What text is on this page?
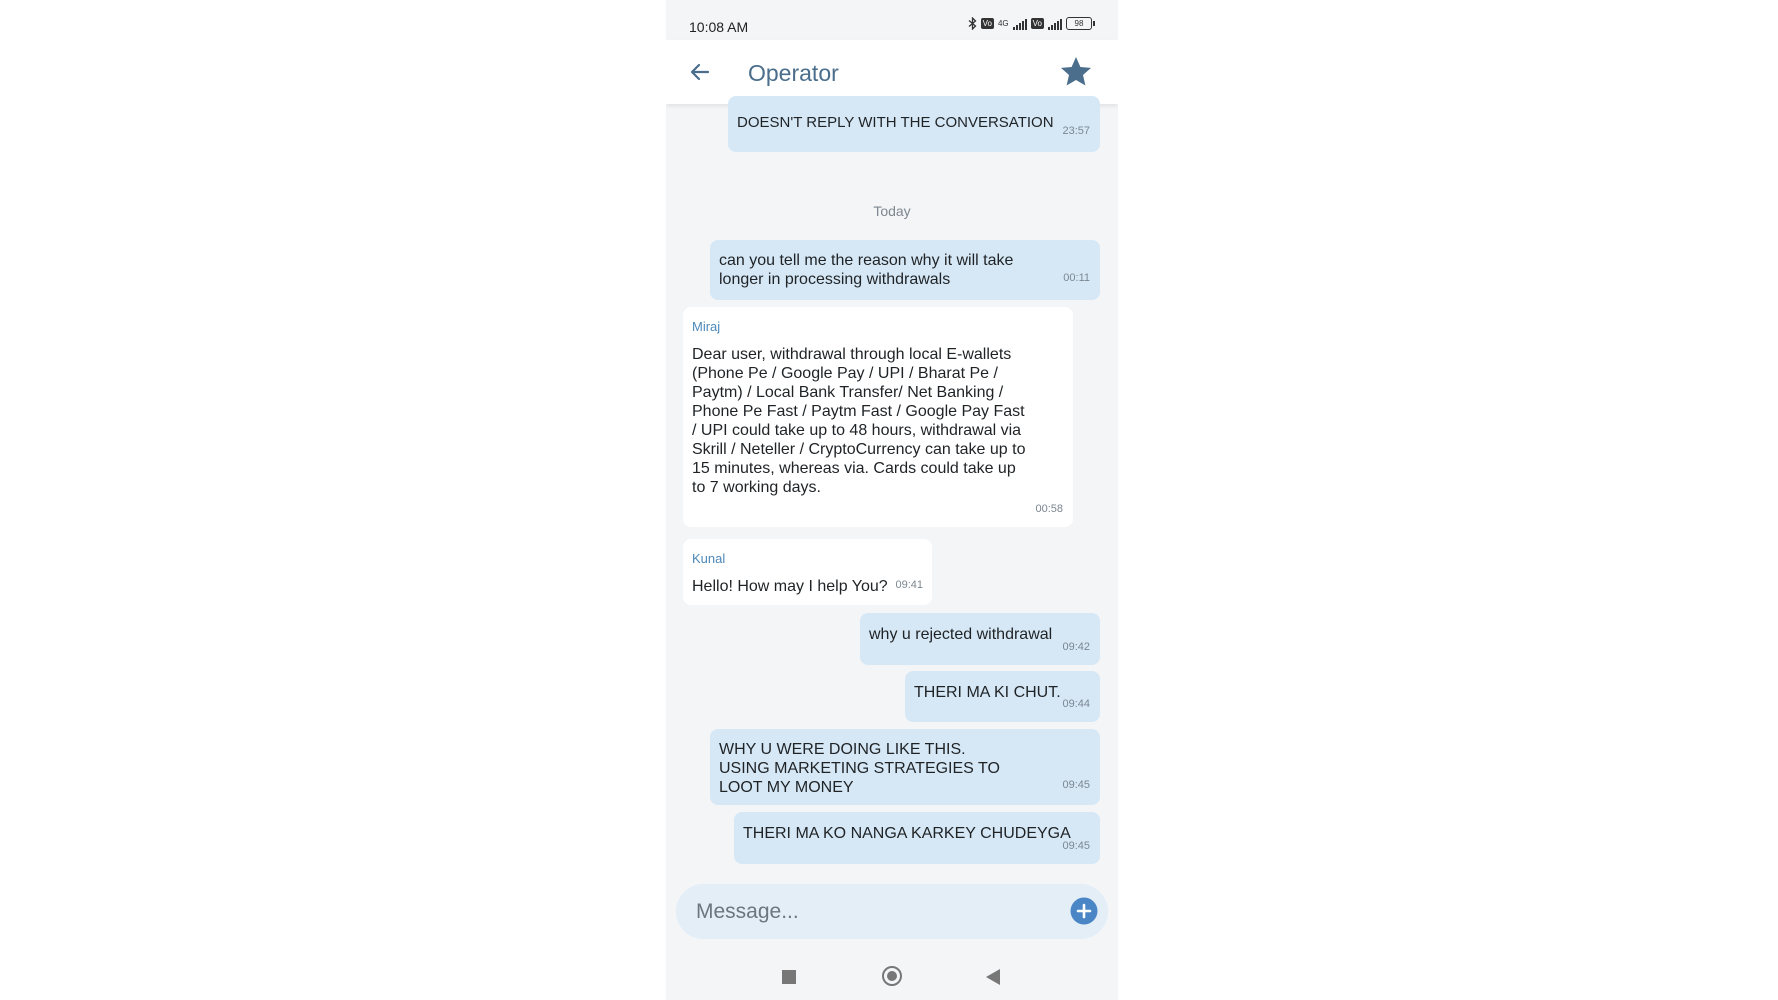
10:08 AM	Vo 4G	Vo	98
Operator
DOESN'T REPLY WITH THE CONVERSATION 23:57
Today
can you tell me the reason why it will take longer in processing withdrawals	00:11
Miraj
Dear user, withdrawal through local E-wallets (Phone Pe / Google Pay / UPI / Bharat Pe / Paytm) / Local Bank Transfer/ Net Banking / Phone Pe Fast / Paytm Fast / Google Pay Fast / UPI could take up to 48 hours, withdrawal via Skrill / Neteller / CryptoCurrency can take up to 15 minutes, whereas via. Cards could take up to 7 working days.
00:58
Kunal
Hello! How may I help You? 09:41
why u rejected withdrawal
09:42
THERI MA KI CHUT.
09:44
WHY U WERE DOING LIKE THIS. USING MARKETING STRATEGIES TO LOOT MY MONEY	09:45
THERI MA KO NANGA KARKEY CHUDEYGA
09:45
Message...
